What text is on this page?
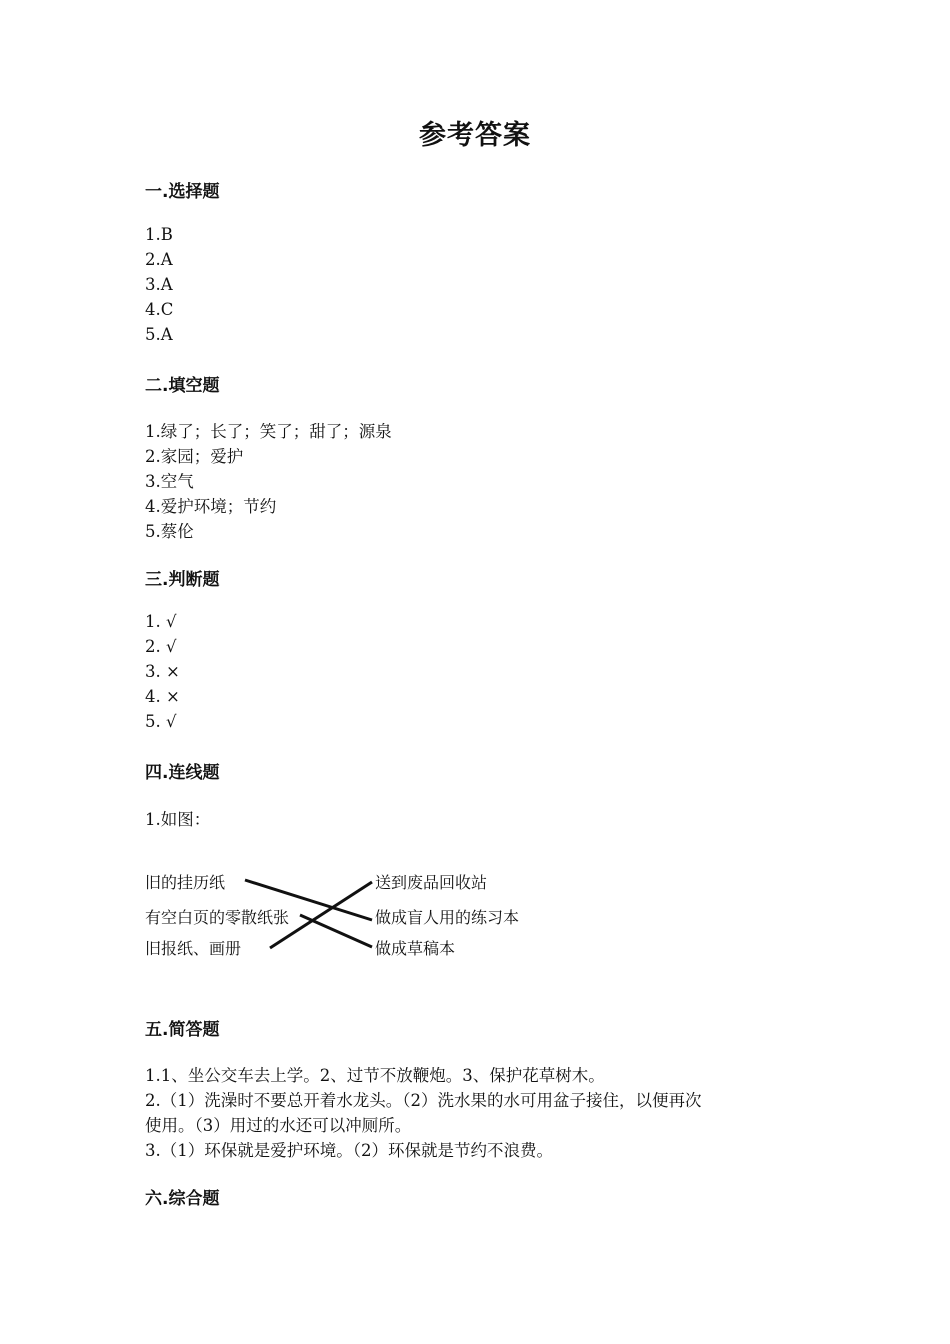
参考答案
一.选择题
1.B
2.A
3.A
4.C
5.A
二.填空题
1.绿了；长了；笑了；甜了；源泉
2.家园；爱护
3.空气
4.爱护环境；节约
5.蔡伦
三.判断题
1. √
2. √
3. ×
4. ×
5. √
四.连线题
1.如图：
旧的挂历纸
有空白页的零散纸张
旧报纸、画册
送到废品回收站
做成盲人用的练习本
做成草稿本
五.简答题
1.1、坐公交车去上学。2、过节不放鞭炮。3、保护花草树木。
2.（1）洗澡时不要总开着水龙头。（2）洗水果的水可用盆子接住，以便再次
使用。（3）用过的水还可以冲厕所。
3.（1）环保就是爱护环境。（2）环保就是节约不浪费。
六.综合题
